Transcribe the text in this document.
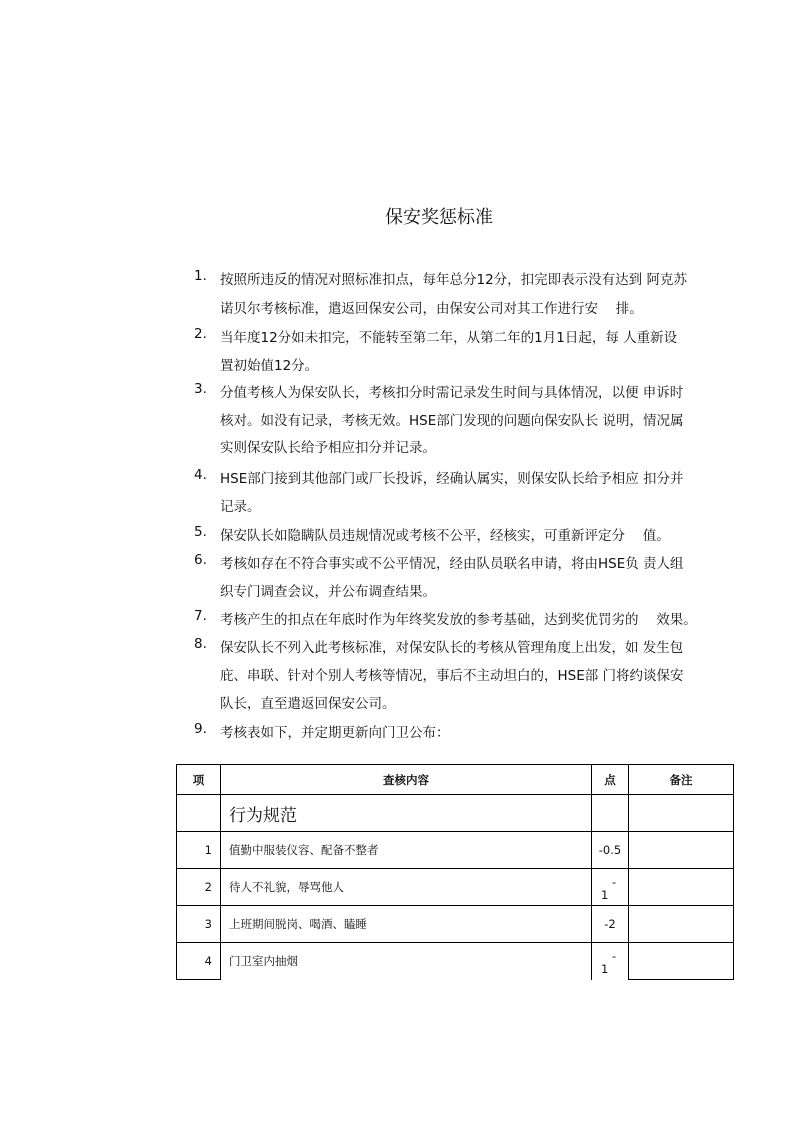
保安奖惩标准
1. 按照所违反的情况对照标准扣点，每年总分12分，扣完即表示没有达到 阿克苏
诺贝尔考核标准，遣返回保安公司，由保安公司对其工作进行安　 排。
2. 当年度12分如未扣完，不能转至第二年，从第二年的1月1日起，每 人重新设
置初始值12分。
3. 分值考核人为保安队长，考核扣分时需记录发生时间与具体情况，以便 申诉时
核对。如没有记录，考核无效。HSE部门发现的问题向保安队长 说明，情况属
实则保安队长给予相应扣分并记录。
4. HSE部门接到其他部门或厂长投诉，经确认属实，则保安队长给予相应 扣分并
记录。
5. 保安队长如隐瞒队员违规情况或考核不公平，经核实，可重新评定分　 值。
6. 考核如存在不符合事实或不公平情况，经由队员联名申请，将由HSE负 责人组
织专门调查会议，并公布调查结果。
7. 考核产生的扣点在年底时作为年终奖发放的参考基础，达到奖优罚劣的　 效果。
8. 保安队长不列入此考核标准，对保安队长的考核从管理角度上出发，如 发生包
庇、串联、针对个别人考核等情况，事后不主动坦白的，HSE部 门将约谈保安
队长，直至遣返回保安公司。
9. 考核表如下，并定期更新向门卫公布：
项	查核内容	点	备注
	行为规范		
1	值勤中服装仪容、配备不整者	-0.5	
2	待人不礼貌，辱骂他人	-
1	

3	上班期间脱岗、喝酒、瞌睡	-2	
4	门卫室内抽烟	-
1	
